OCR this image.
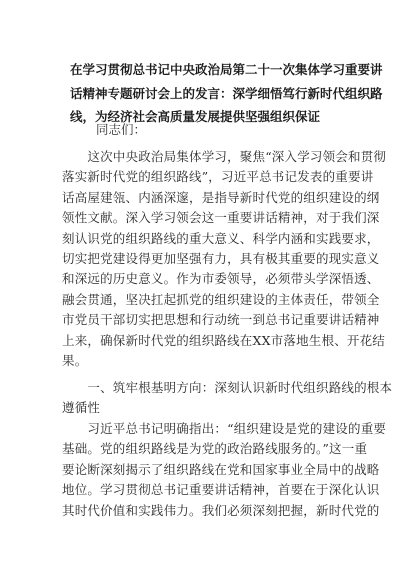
在学习贯彻总书记中央政治局第二十一次集体学习重要讲
话精神专题研讨会上的发言：深学细悟笃行新时代组织路
线，为经济社会高质量发展提供坚强组织保证
同志们：
　　这次中央政治局集体学习，聚焦“深入学习领会和贯彻
落实新时代党的组织路线”，习近平总书记发表的重要讲
话高屋建瓴、内涵深邃，是指导新时代党的组织建设的纲
领性文献。深入学习领会这一重要讲话精神，对于我们深
刻认识党的组织路线的重大意义、科学内涵和实践要求，
切实把党建设得更加坚强有力，具有极其重要的现实意义
和深远的历史意义。作为市委领导，必须带头学深悟透、
融会贯通，坚决扛起抓党的组织建设的主体责任，带领全
市党员干部切实把思想和行动统一到总书记重要讲话精神
上来，确保新时代党的组织路线在XX市落地生根、开花结
果。
　　一、筑牢根基明方向：深刻认识新时代组织路线的根本
遵循性
　　习近平总书记明确指出：“组织建设是党的建设的重要
基础。党的组织路线是为党的政治路线服务的。”这一重
要论断深刻揭示了组织路线在党和国家事业全局中的战略
地位。学习贯彻总书记重要讲话精神，首要在于深化认识
其时代价值和实践伟力。我们必须深刻把握，新时代党的
